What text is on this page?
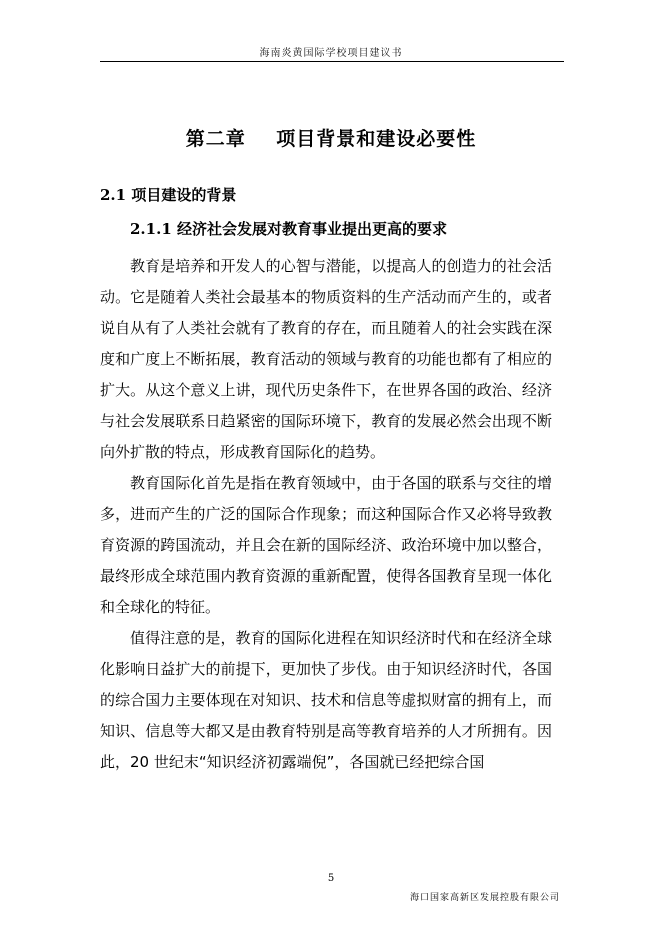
海南炎黄国际学校项目建议书
第二章    项目背景和建设必要性
2.1 项目建设的背景
2.1.1 经济社会发展对教育事业提出更高的要求

教育是培养和开发人的心智与潜能，以提高人的创造力的社会活动。它是随着人类社会最基本的物质资料的生产活动而产生的，或者说自从有了人类社会就有了教育的存在，而且随着人的社会实践在深度和广度上不断拓展，教育活动的领域与教育的功能也都有了相应的扩大。从这个意义上讲，现代历史条件下，在世界各国的政治、经济与社会发展联系日趋紧密的国际环境下，教育的发展必然会出现不断向外扩散的特点，形成教育国际化的趋势。

教育国际化首先是指在教育领域中，由于各国的联系与交往的增多，进而产生的广泛的国际合作现象；而这种国际合作又必将导致教育资源的跨国流动，并且会在新的国际经济、政治环境中加以整合，最终形成全球范围内教育资源的重新配置，使得各国教育呈现一体化和全球化的特征。

值得注意的是，教育的国际化进程在知识经济时代和在经济全球化影响日益扩大的前提下，更加快了步伐。由于知识经济时代，各国的综合国力主要体现在对知识、技术和信息等虚拟财富的拥有上，而知识、信息等大都又是由教育特别是高等教育培养的人才所拥有。因此，20 世纪末“知识经济初露端倪”，各国就已经把综合国

5
海口国家高新区发展控股有限公司
